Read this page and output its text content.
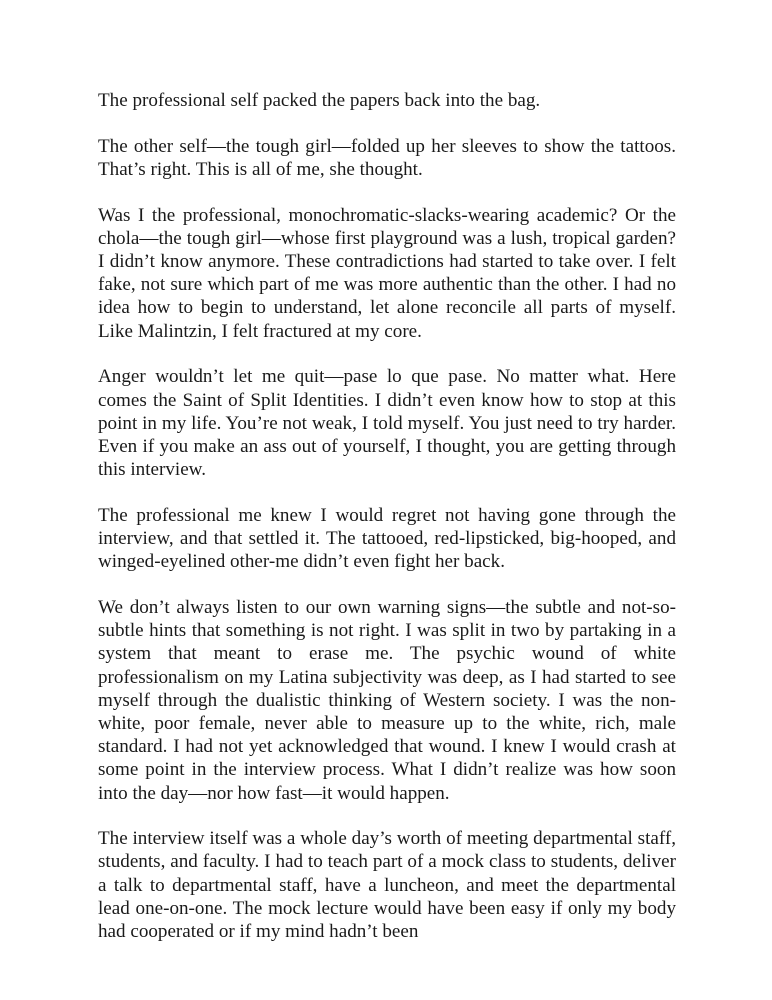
The professional self packed the papers back into the bag.

The other self—the tough girl—folded up her sleeves to show the tattoos. That’s right. This is all of me, she thought.

Was I the professional, monochromatic-slacks-wearing academic? Or the chola—the tough girl—whose first playground was a lush, tropical garden? I didn’t know anymore. These contradictions had started to take over. I felt fake, not sure which part of me was more authentic than the other. I had no idea how to begin to understand, let alone reconcile all parts of myself. Like Malintzin, I felt fractured at my core.

Anger wouldn’t let me quit—pase lo que pase. No matter what. Here comes the Saint of Split Identities. I didn’t even know how to stop at this point in my life. You’re not weak, I told myself. You just need to try harder. Even if you make an ass out of yourself, I thought, you are getting through this interview.

The professional me knew I would regret not having gone through the interview, and that settled it. The tattooed, red-lipsticked, big-hooped, and winged-eyelined other-me didn’t even fight her back.

We don’t always listen to our own warning signs—the subtle and not-so-subtle hints that something is not right. I was split in two by partaking in a system that meant to erase me. The psychic wound of white professionalism on my Latina subjectivity was deep, as I had started to see myself through the dualistic thinking of Western society. I was the non-white, poor female, never able to measure up to the white, rich, male standard. I had not yet acknowledged that wound. I knew I would crash at some point in the interview process. What I didn’t realize was how soon into the day—nor how fast—it would happen.

The interview itself was a whole day’s worth of meeting departmental staff, students, and faculty. I had to teach part of a mock class to students, deliver a talk to departmental staff, have a luncheon, and meet the departmental lead one-on-one. The mock lecture would have been easy if only my body had cooperated or if my mind hadn’t been
